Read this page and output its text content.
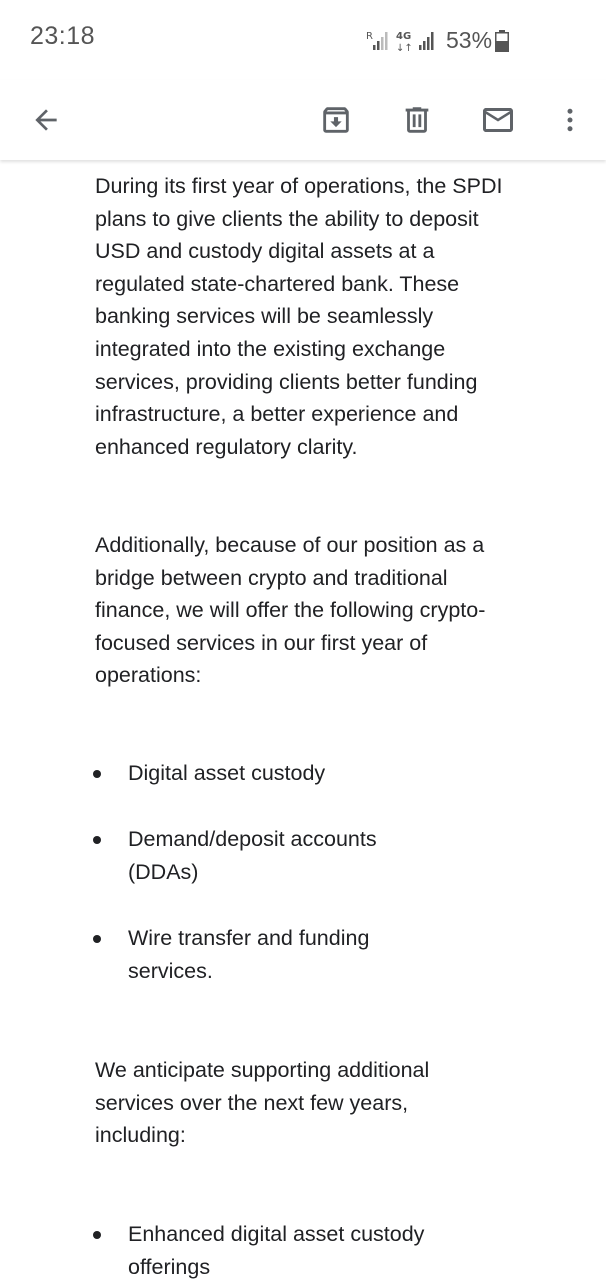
23:18	R 4G
↓↑ 53%

During its first year of operations, the SPDI plans to give clients the ability to deposit USD and custody digital assets at a regulated state-chartered bank. These banking services will be seamlessly integrated into the existing exchange services, providing clients better funding infrastructure, a better experience and enhanced regulatory clarity.

Additionally, because of our position as a bridge between crypto and traditional finance, we will offer the following crypto-focused services in our first year of operations:

Digital asset custody
Demand/deposit accounts (DDAs)
Wire transfer and funding services.

We anticipate supporting additional services over the next few years, including:

Enhanced digital asset custody offerings
